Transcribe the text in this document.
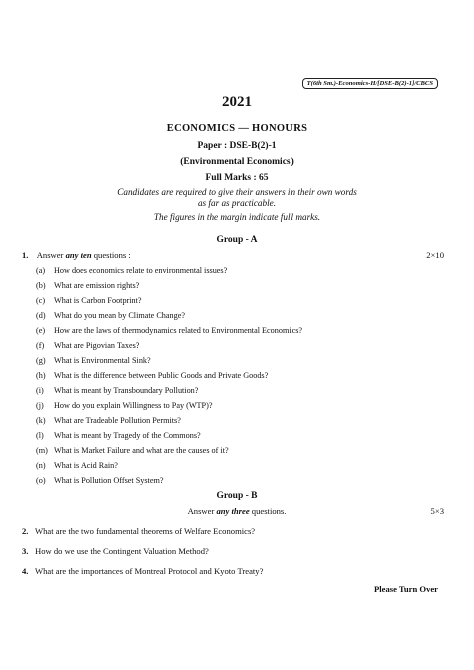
T(6th Sm.)-Economics-H/[DSE-B(2)-1]/CBCS
2021
ECONOMICS — HONOURS
Paper : DSE-B(2)-1
(Environmental Economics)
Full Marks : 65
Candidates are required to give their answers in their own words
as far as practicable.
The figures in the margin indicate full marks.
Group - A
1. Answer any ten questions :	2×10
(a) How does economics relate to environmental issues?
(b) What are emission rights?
(c) What is Carbon Footprint?
(d) What do you mean by Climate Change?
(e) How are the laws of thermodynamics related to Environmental Economics?
(f) What are Pigovian Taxes?
(g) What is Environmental Sink?
(h) What is the difference between Public Goods and Private Goods?
(i) What is meant by Transboundary Pollution?
(j) How do you explain Willingness to Pay (WTP)?
(k) What are Tradeable Pollution Permits?
(l) What is meant by Tragedy of the Commons?
(m) What is Market Failure and what are the causes of it?
(n) What is Acid Rain?
(o) What is Pollution Offset System?
Group - B
Answer any three questions.	5×3
2. What are the two fundamental theorems of Welfare Economics?
3. How do we use the Contingent Valuation Method?
4. What are the importances of Montreal Protocol and Kyoto Treaty?
Please Turn Over
